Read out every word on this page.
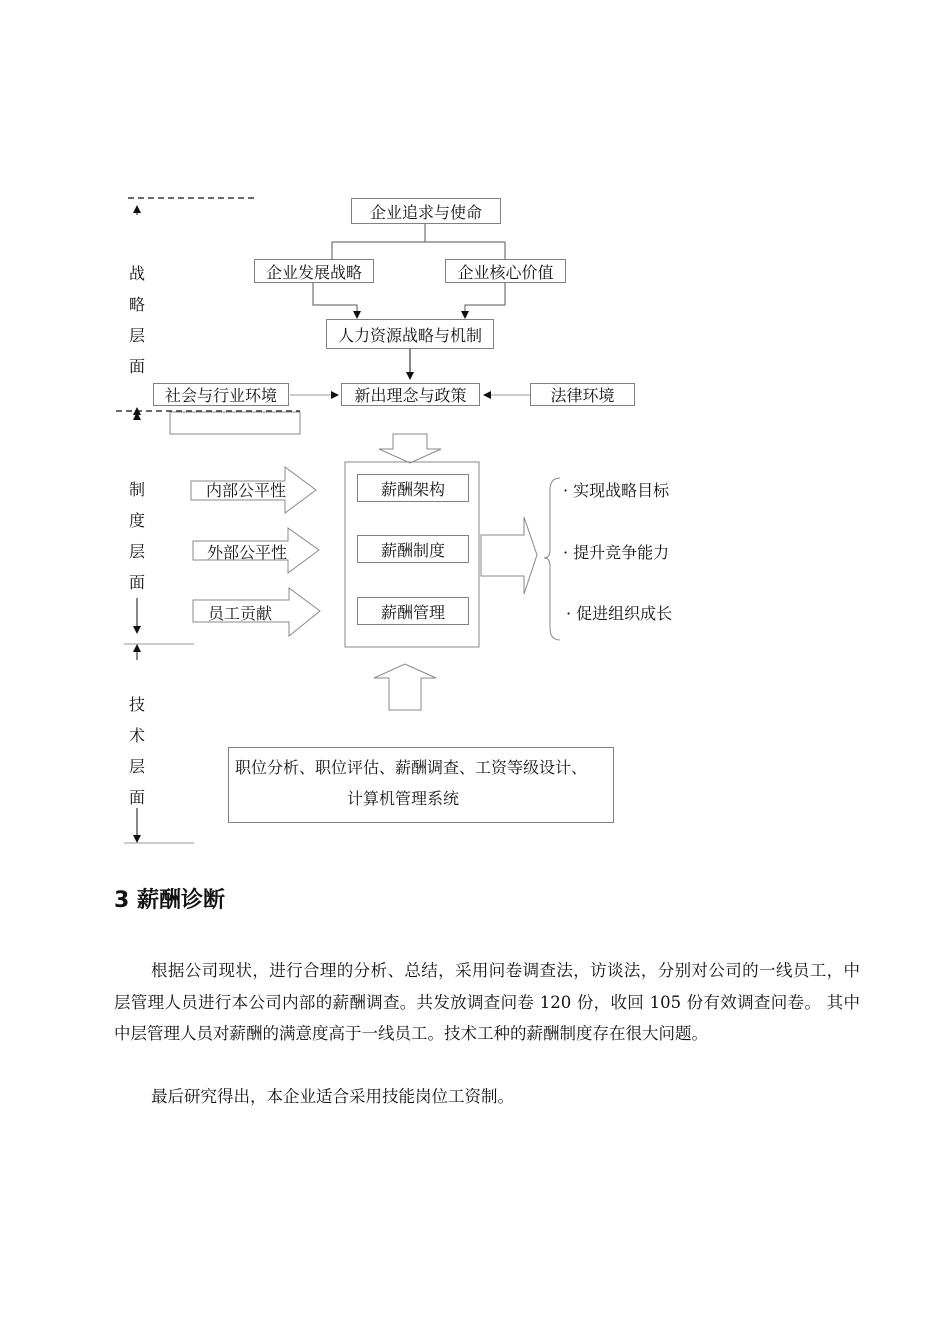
战
略
层
面
制
度
层
面
技
术
层
面
企业追求与使命
企业发展战略	企业核心价值
人力资源战略与机制
社会与行业环境	新出理念与政策	法律环境
薪酬架构
薪酬制度
薪酬管理
内部公平性
外部公平性
员工贡献
· 实现战略目标
· 提升竞争能力
· 促进组织成长
职位分析、职位评估、薪酬调查、工资等级设计、
计算机管理系统
3 薪酬诊断
根据公司现状，进行合理的分析、总结，采用问卷调查法，访谈法，分别对公司的一线员工，中层管理人员进行本公司内部的薪酬调查。共发放调查问卷 120 份，收回 105 份有效调查问卷。 其中中层管理人员对薪酬的满意度高于一线员工。技术工种的薪酬制度存在很大问题。
最后研究得出，本企业适合采用技能岗位工资制。
